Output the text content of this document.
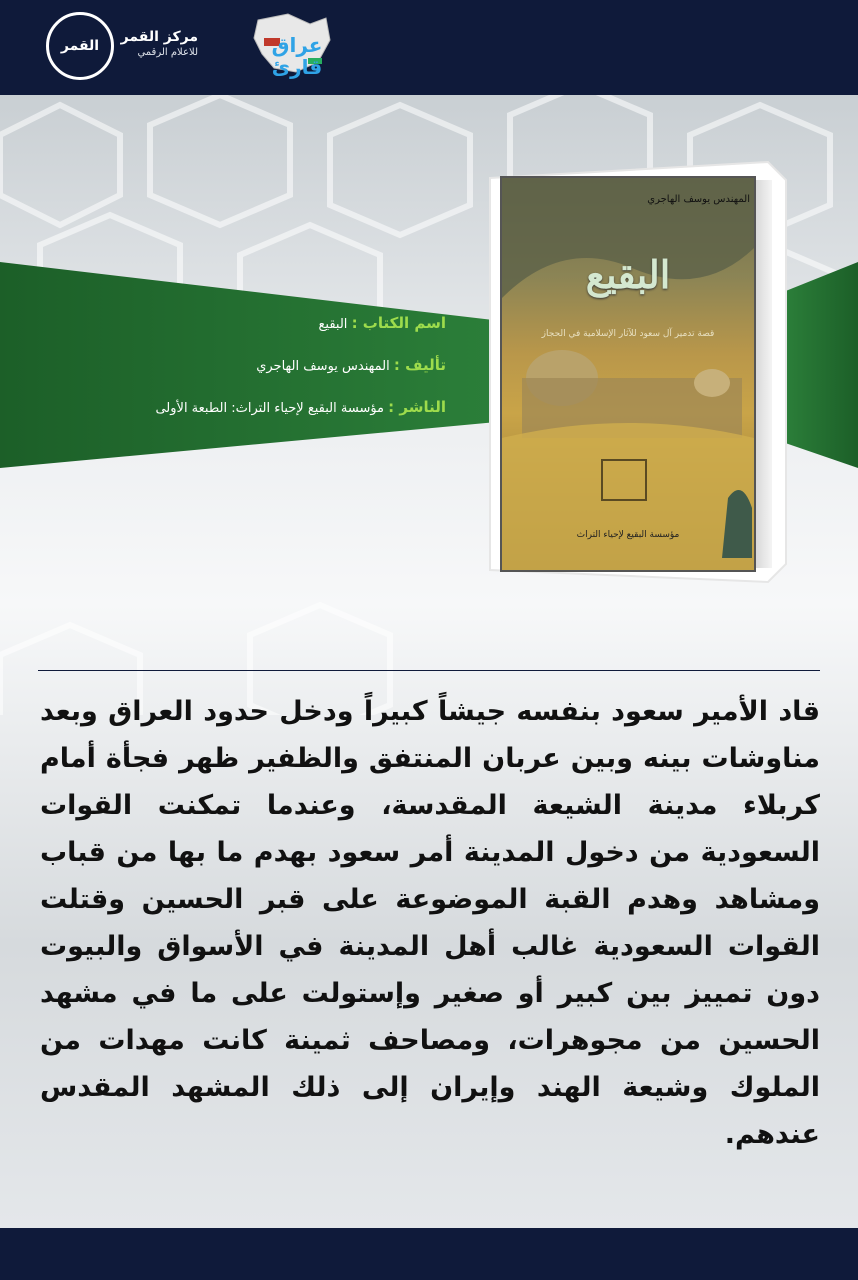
القمر
مركز القمر
للاعلام الرقمي	عراق قارئ
اسم الكتاب : البقيع
تأليف : المهندس يوسف الهاجري
الناشر : مؤسسة البقيع لإحياء التراث: الطبعة الأولى
المهندس يوسف الهاجري
البقيع
قصة تدمير آل سعود للآثار الإسلامية في الحجاز
مؤسسة البقيع لإحياء التراث
قاد الأمير سعود بنفسه جيشاً كبيراً ودخل حدود العراق وبعد مناوشات بينه وبين عربان المنتفق والظفير ظهر فجأة أمام كربلاء مدينة الشيعة المقدسة، وعندما تمكنت القوات السعودية من دخول المدينة أمر سعود بهدم ما بها من قباب ومشاهد وهدم القبة الموضوعة على قبر الحسين وقتلت القوات السعودية غالب أهل المدينة في الأسواق والبيوت دون تمييز بين كبير أو صغير وإستولت على ما في مشهد الحسين من مجوهرات، ومصاحف ثمينة كانت مهدات من الملوك وشيعة الهند وإيران إلى ذلك المشهد المقدس عندهم.
